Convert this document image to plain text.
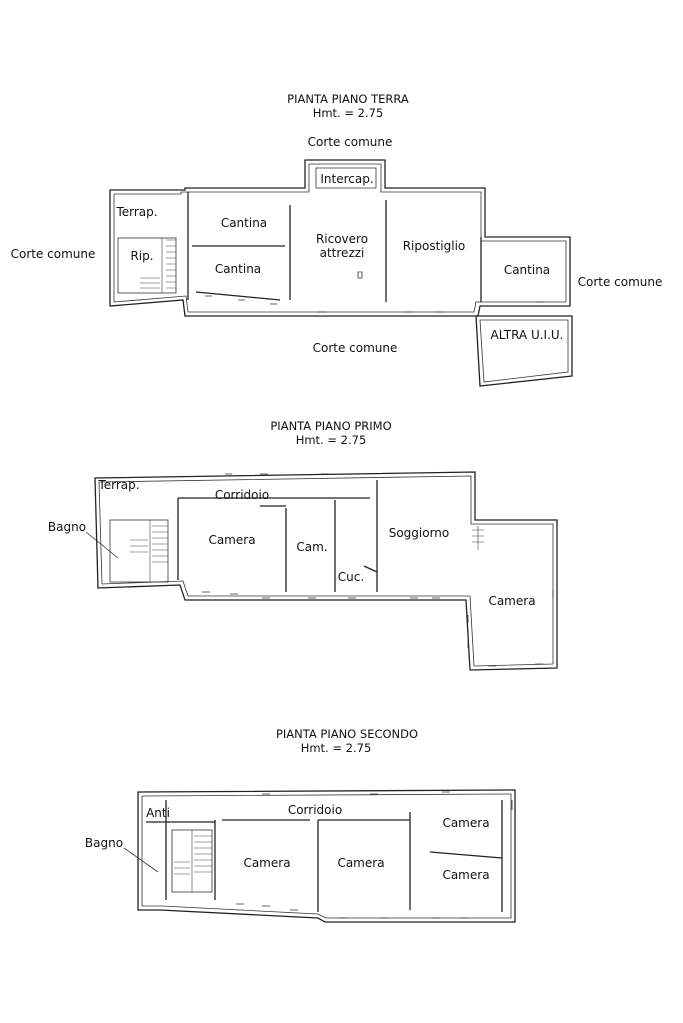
PIANTA PIANO TERRA
Hmt. = 2.75
Corte comune
Intercap.
Terrap.
Cantina
Ricovero
attrezzi	Ripostiglio
Rip.
Corte comune
Cantina	Cantina
Corte comune
ALTRA U.I.U.
Corte comune
PIANTA PIANO PRIMO
Hmt. = 2.75
Terrap.
Corridoio
Bagno
Camera	Cam.
Soggiorno
Cuc.
Camera
PIANTA PIANO SECONDO
Hmt. = 2.75
Anti	Corridoio
Camera
Bagno
Camera	Camera
Camera
